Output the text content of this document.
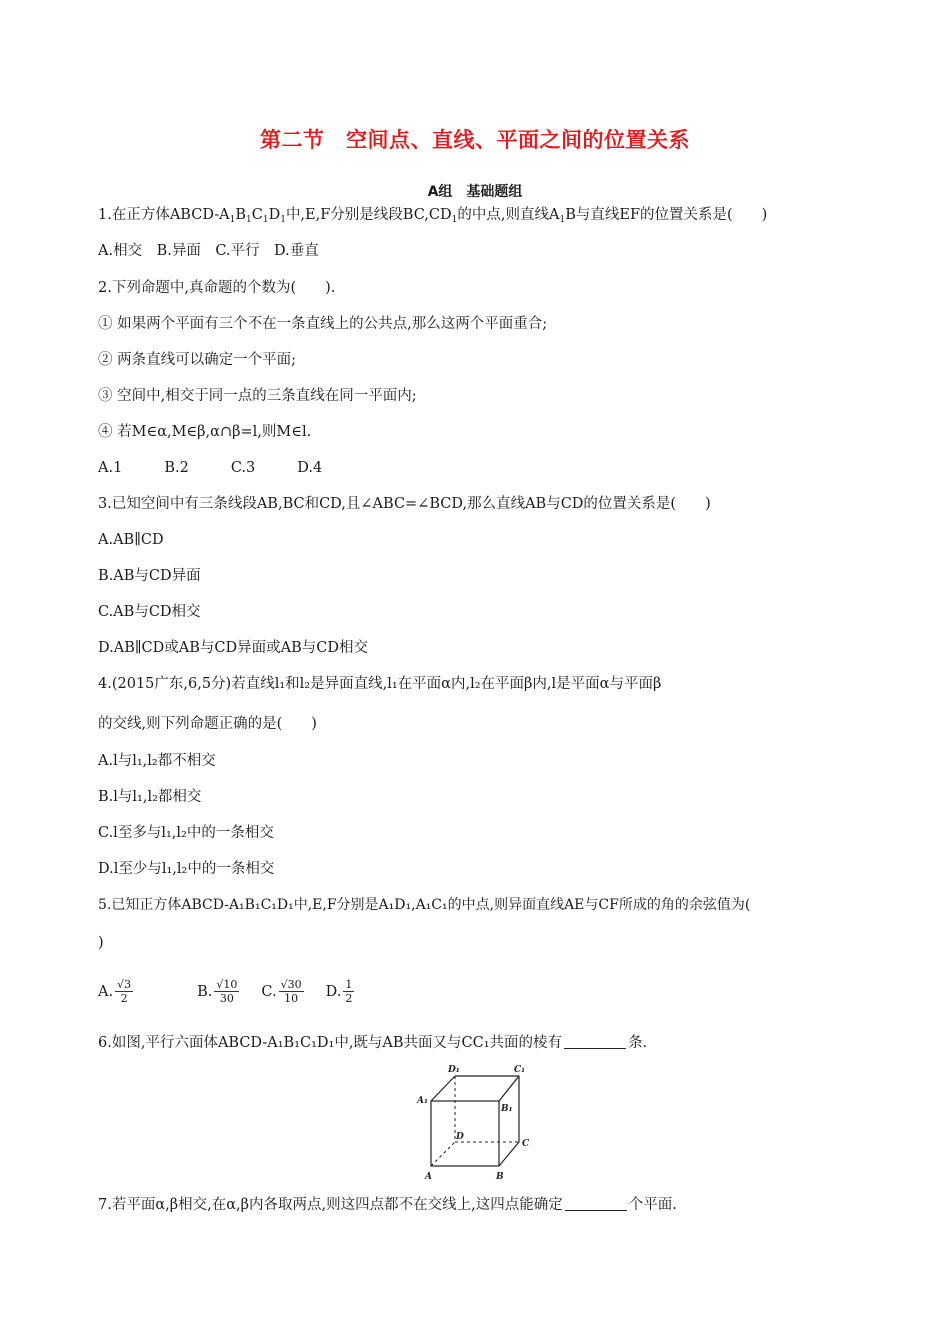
第二节　空间点、直线、平面之间的位置关系
A组　基础题组
1.在正方体ABCD-$A_1B_1C_1D_1$中,E,F分别是线段$BC,CD_1$的中点,则直线$A_1B$与直线EF的位置关系是(　　)
A.相交　B.异面　C.平行　D.垂直
2.下列命题中,真命题的个数为(　　).
① 如果两个平面有三个不在一条直线上的公共点,那么这两个平面重合;
② 两条直线可以确定一个平面;
③ 空间中,相交于同一点的三条直线在同一平面内;
④ 若M∈α,M∈β,α∩β=l,则M∈l.
A.1	B.2	C.3	D.4
3.已知空间中有三条线段AB,BC和CD,且∠ABC=∠BCD,那么直线AB与CD的位置关系是(　　)
A.AB∥CD
B.AB与CD异面
C.AB与CD相交
D.AB∥CD或AB与CD异面或AB与CD相交
4.(2015广东,6,5分)若直线l₁和l₂是异面直线,l₁在平面α内,l₂在平面β内,l是平面α与平面β
的交线,则下列命题正确的是(　　)
A.l与l₁,l₂都不相交
B.l与l₁,l₂都相交
C.l至多与l₁,l₂中的一条相交
D.l至少与l₁,l₂中的一条相交
5.已知正方体ABCD-A₁B₁C₁D₁中,E,F分别是A₁D₁,A₁C₁的中点,则异面直线AE与CF所成的角的余弦值为(
)
A. $\frac{√3}{2}$	B. $\frac{√10}{30} C$. $\frac{√30}{10} D$. $\frac{1}{2}$
6.如图,平行六面体ABCD-A₁B₁C₁D₁中,既与AB共面又与CC₁共面的棱有	条.
D₁	C₁
A₁
B₁
D
C
A	B
7.若平面α,β相交,在α,β内各取两点,则这四点都不在交线上,这四点能确定	个平面.
